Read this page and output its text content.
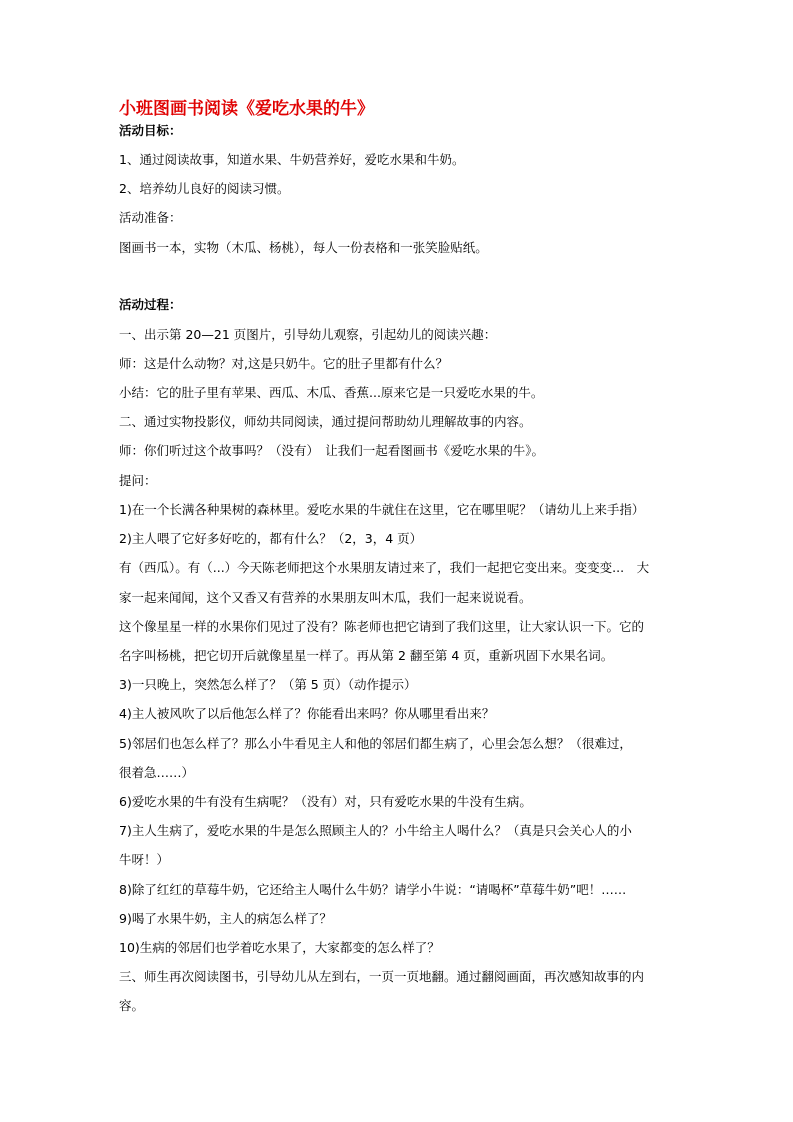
小班图画书阅读《爱吃水果的牛》
活动目标：
1、通过阅读故事，知道水果、牛奶营养好，爱吃水果和牛奶。
2、培养幼儿良好的阅读习惯。
活动准备：
图画书一本，实物（木瓜、杨桃），每人一份表格和一张笑脸贴纸。
活动过程：
一、出示第 20—21 页图片，引导幼儿观察，引起幼儿的阅读兴趣：
师：这是什么动物？对,这是只奶牛。它的肚子里都有什么？
小结：它的肚子里有苹果、西瓜、木瓜、香蕉...原来它是一只爱吃水果的牛。
二、通过实物投影仪，师幼共同阅读，通过提问帮助幼儿理解故事的内容。
师：你们听过这个故事吗？（没有）　让我们一起看图画书《爱吃水果的牛》。
提问：
1)在一个长满各种果树的森林里。爱吃水果的牛就住在这里，它在哪里呢？（请幼儿上来手指）
2)主人喂了它好多好吃的，都有什么？（2，3，4 页）
有（西瓜）。有（...）今天陈老师把这个水果朋友请过来了，我们一起把它变出来。变变变...　大
家一起来闻闻，这个又香又有营养的水果朋友叫木瓜，我们一起来说说看。
这个像星星一样的水果你们见过了没有？陈老师也把它请到了我们这里，让大家认识一下。它的
名字叫杨桃，把它切开后就像星星一样了。再从第 2 翻至第 4 页，重新巩固下水果名词。
3)一只晚上，突然怎么样了？（第 5 页）（动作提示）
4)主人被风吹了以后他怎么样了？你能看出来吗？你从哪里看出来？
5)邻居们也怎么样了？那么小牛看见主人和他的邻居们都生病了，心里会怎么想？（很难过，
很着急……）
6)爱吃水果的牛有没有生病呢？（没有）对，只有爱吃水果的牛没有生病。
7)主人生病了，爱吃水果的牛是怎么照顾主人的？小牛给主人喝什么？（真是只会关心人的小
牛呀！）
8)除了红红的草莓牛奶，它还给主人喝什么牛奶？请学小牛说：“请喝杯”草莓牛奶”吧！……
9)喝了水果牛奶，主人的病怎么样了？
10)生病的邻居们也学着吃水果了，大家都变的怎么样了？
三、师生再次阅读图书，引导幼儿从左到右，一页一页地翻。通过翻阅画面，再次感知故事的内
容。
